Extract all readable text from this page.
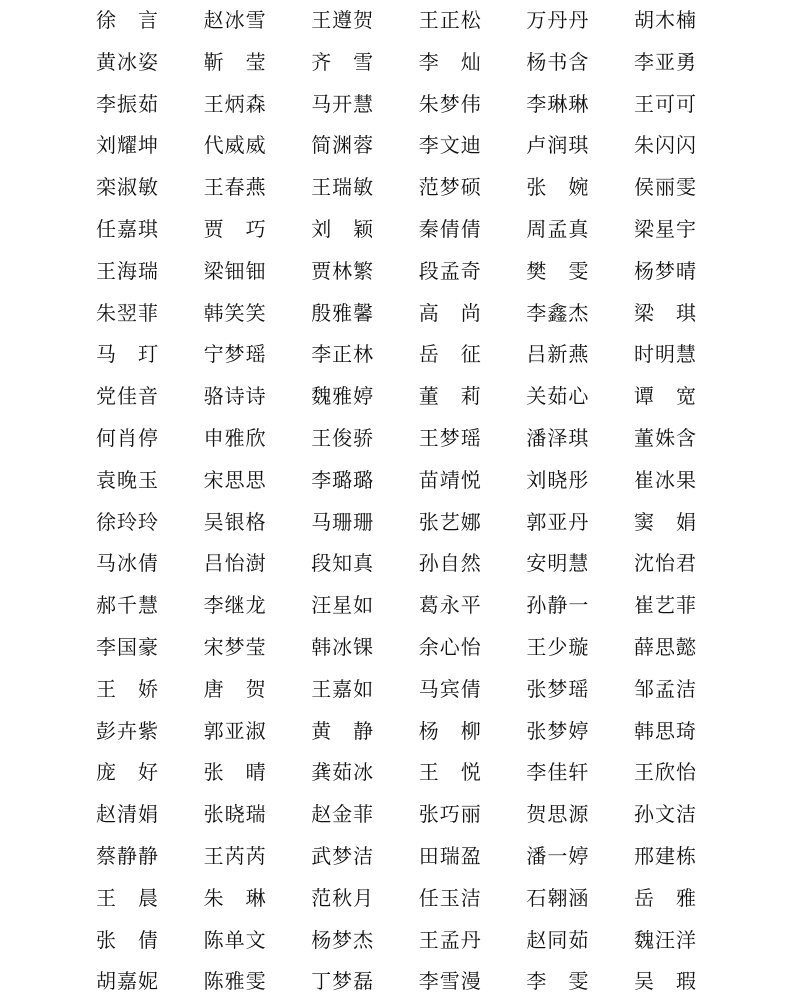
徐　言 赵冰雪 王遵贺 王正松 万丹丹 胡木楠
黄冰姿 靳　莹 齐　雪 李　灿 杨书含 李亚勇
李振茹 王炳森 马开慧 朱梦伟 李琳琳 王可可
刘耀坤 代威威 简渊蓉 李文迪 卢润琪 朱闪闪
栾淑敏 王春燕 王瑞敏 范梦硕 张　婉 侯丽雯
任嘉琪 贾　巧 刘　颖 秦倩倩 周孟真 梁星宇
王海瑞 梁钿钿 贾林繁 段孟奇 樊　雯 杨梦晴
朱翌菲 韩笑笑 殷雅馨 高　尚 李鑫杰 梁　琪
马　玎 宁梦瑶 李正林 岳　征 吕新燕 时明慧
党佳音 骆诗诗 魏雅婷 董　莉 关茹心 谭　宽
何肖停 申雅欣 王俊骄 王梦瑶 潘泽琪 董姝含
袁晚玉 宋思思 李璐璐 苗靖悦 刘晓彤 崔冰果
徐玲玲 吴银格 马珊珊 张艺娜 郭亚丹 窦　娟
马冰倩 吕怡澍 段知真 孙自然 安明慧 沈怡君
郝千慧 李继龙 汪星如 葛永平 孙静一 崔艺菲
李国豪 宋梦莹 韩冰锞 余心怡 王少璇 薛思懿
王　娇 唐　贺 王嘉如 马宾倩 张梦瑶 邹孟洁
彭卉紫 郭亚淑 黄　静 杨　柳 张梦婷 韩思琦
庞　好 张　晴 龚茹冰 王　悦 李佳轩 王欣怡
赵清娟 张晓瑞 赵金菲 张巧丽 贺思源 孙文洁
蔡静静 王芮芮 武梦洁 田瑞盈 潘一婷 邢建栋
王　晨 朱　琳 范秋月 任玉洁 石翱涵 岳　雅
张　倩 陈单文 杨梦杰 王孟丹 赵同茹 魏汪洋
胡嘉妮 陈雅雯 丁梦磊 李雪漫 李　雯 吴　瑕
